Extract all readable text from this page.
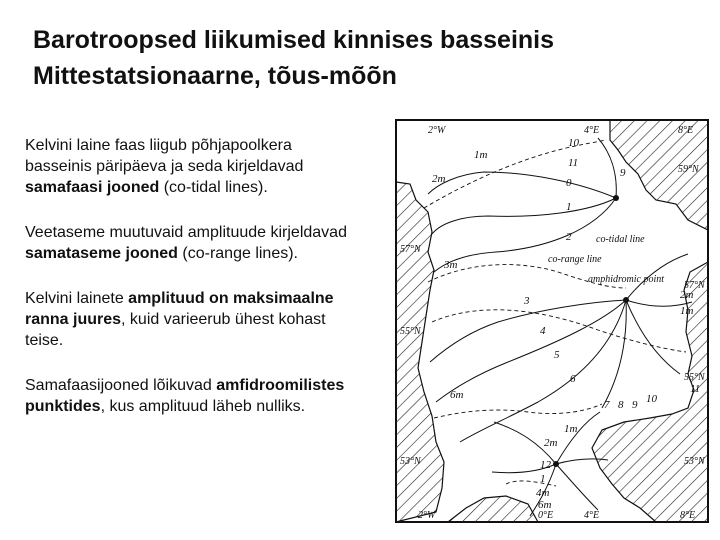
Barotroopsed liikumised kinnises basseinis
Mittestatsionaarne, tõus-mõõn

Kelvini laine faas liigub põhjapoolkera basseinis päripäeva ja seda kirjeldavad samafaasi jooned (co-tidal lines).

Veetaseme muutuvaid amplituude kirjeldavad samataseme jooned (co-range lines).

Kelvini lainete amplituud on maksimaalne ranna juures, kuid varieerub ühest kohast teise.

Samafaasijooned lõikuvad amfidroomilistes punktides, kus amplituud läheb nulliks.

2°W	4°E	8°E
59°N
57°N
55°N
53°N
57°N
55°N
53°N
2°W	0°E	4°E	8°E
co-tidal line
co-range line
amphidromic point
1m
2m
3m
2m
1m
2m
1m
4m
6m
6m
10
11
9
0
1
2
3
4
5
6
7 8 9 10
11
12
1
